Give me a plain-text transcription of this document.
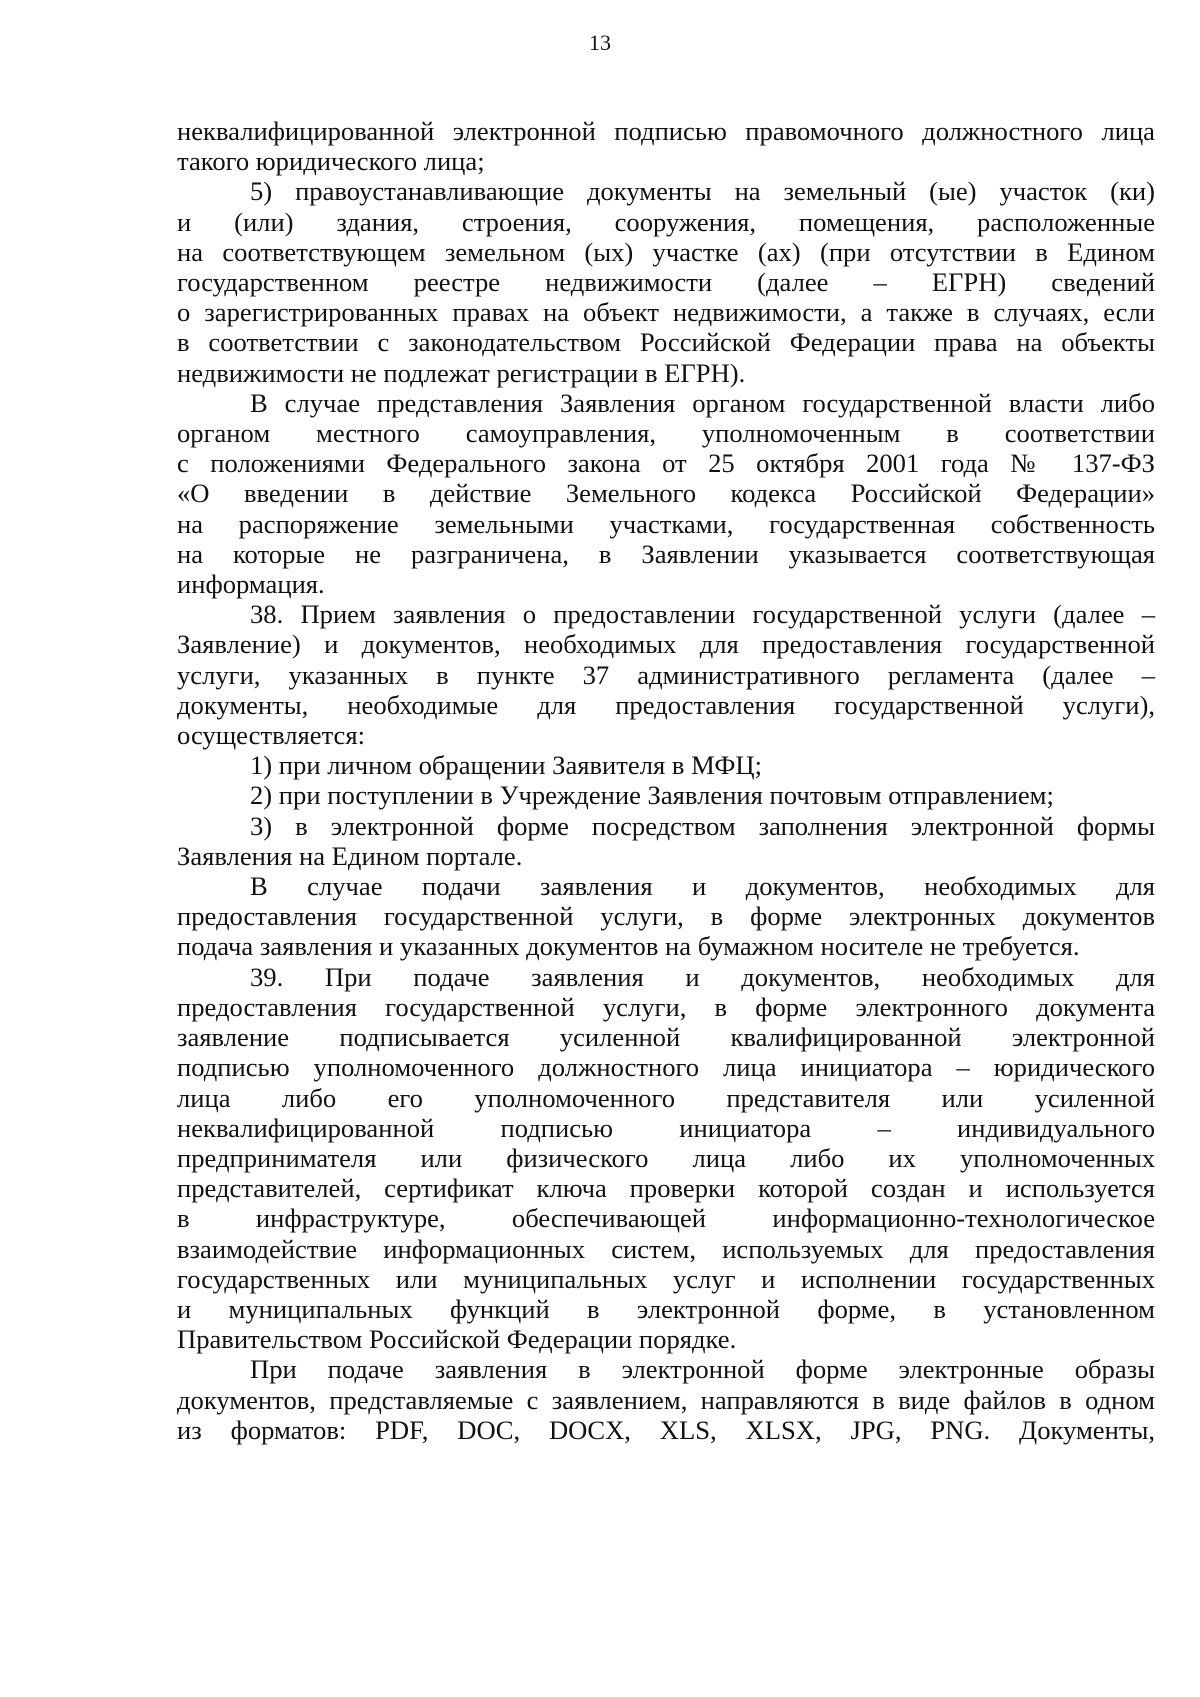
13
неквалифицированной электронной подписью правомочного должностного лица
такого юридического лица;
5) правоустанавливающие документы на земельный (ые) участок (ки)
и (или) здания, строения, сооружения, помещения, расположенные
на соответствующем земельном (ых) участке (ах) (при отсутствии в Едином
государственном реестре недвижимости (далее – ЕГРН) сведений
о зарегистрированных правах на объект недвижимости, а также в случаях, если
в соответствии с законодательством Российской Федерации права на объекты
недвижимости не подлежат регистрации в ЕГРН).
В случае представления Заявления органом государственной власти либо
органом местного самоуправления, уполномоченным в соответствии
с положениями Федерального закона от 25 октября 2001 года № 137-ФЗ
«О введении в действие Земельного кодекса Российской Федерации»
на распоряжение земельными участками, государственная собственность
на которые не разграничена, в Заявлении указывается соответствующая
информация.
38. Прием заявления о предоставлении государственной услуги (далее –
Заявление) и документов, необходимых для предоставления государственной
услуги, указанных в пункте 37 административного регламента (далее –
документы, необходимые для предоставления государственной услуги),
осуществляется:
1) при личном обращении Заявителя в МФЦ;
2) при поступлении в Учреждение Заявления почтовым отправлением;
3) в электронной форме посредством заполнения электронной формы
Заявления на Едином портале.
В случае подачи заявления и документов, необходимых для
предоставления государственной услуги, в форме электронных документов
подача заявления и указанных документов на бумажном носителе не требуется.
39. При подаче заявления и документов, необходимых для
предоставления государственной услуги, в форме электронного документа
заявление подписывается усиленной квалифицированной электронной
подписью уполномоченного должностного лица инициатора – юридического
лица либо его уполномоченного представителя или усиленной
неквалифицированной подписью инициатора – индивидуального
предпринимателя или физического лица либо их уполномоченных
представителей, сертификат ключа проверки которой создан и используется
в инфраструктуре, обеспечивающей информационно-технологическое
взаимодействие информационных систем, используемых для предоставления
государственных или муниципальных услуг и исполнении государственных
и муниципальных функций в электронной форме, в установленном
Правительством Российской Федерации порядке.
При подаче заявления в электронной форме электронные образы
документов, представляемые с заявлением, направляются в виде файлов в одном
из форматов: PDF, DOC, DOCX, XLS, XLSX, JPG, PNG. Документы,
